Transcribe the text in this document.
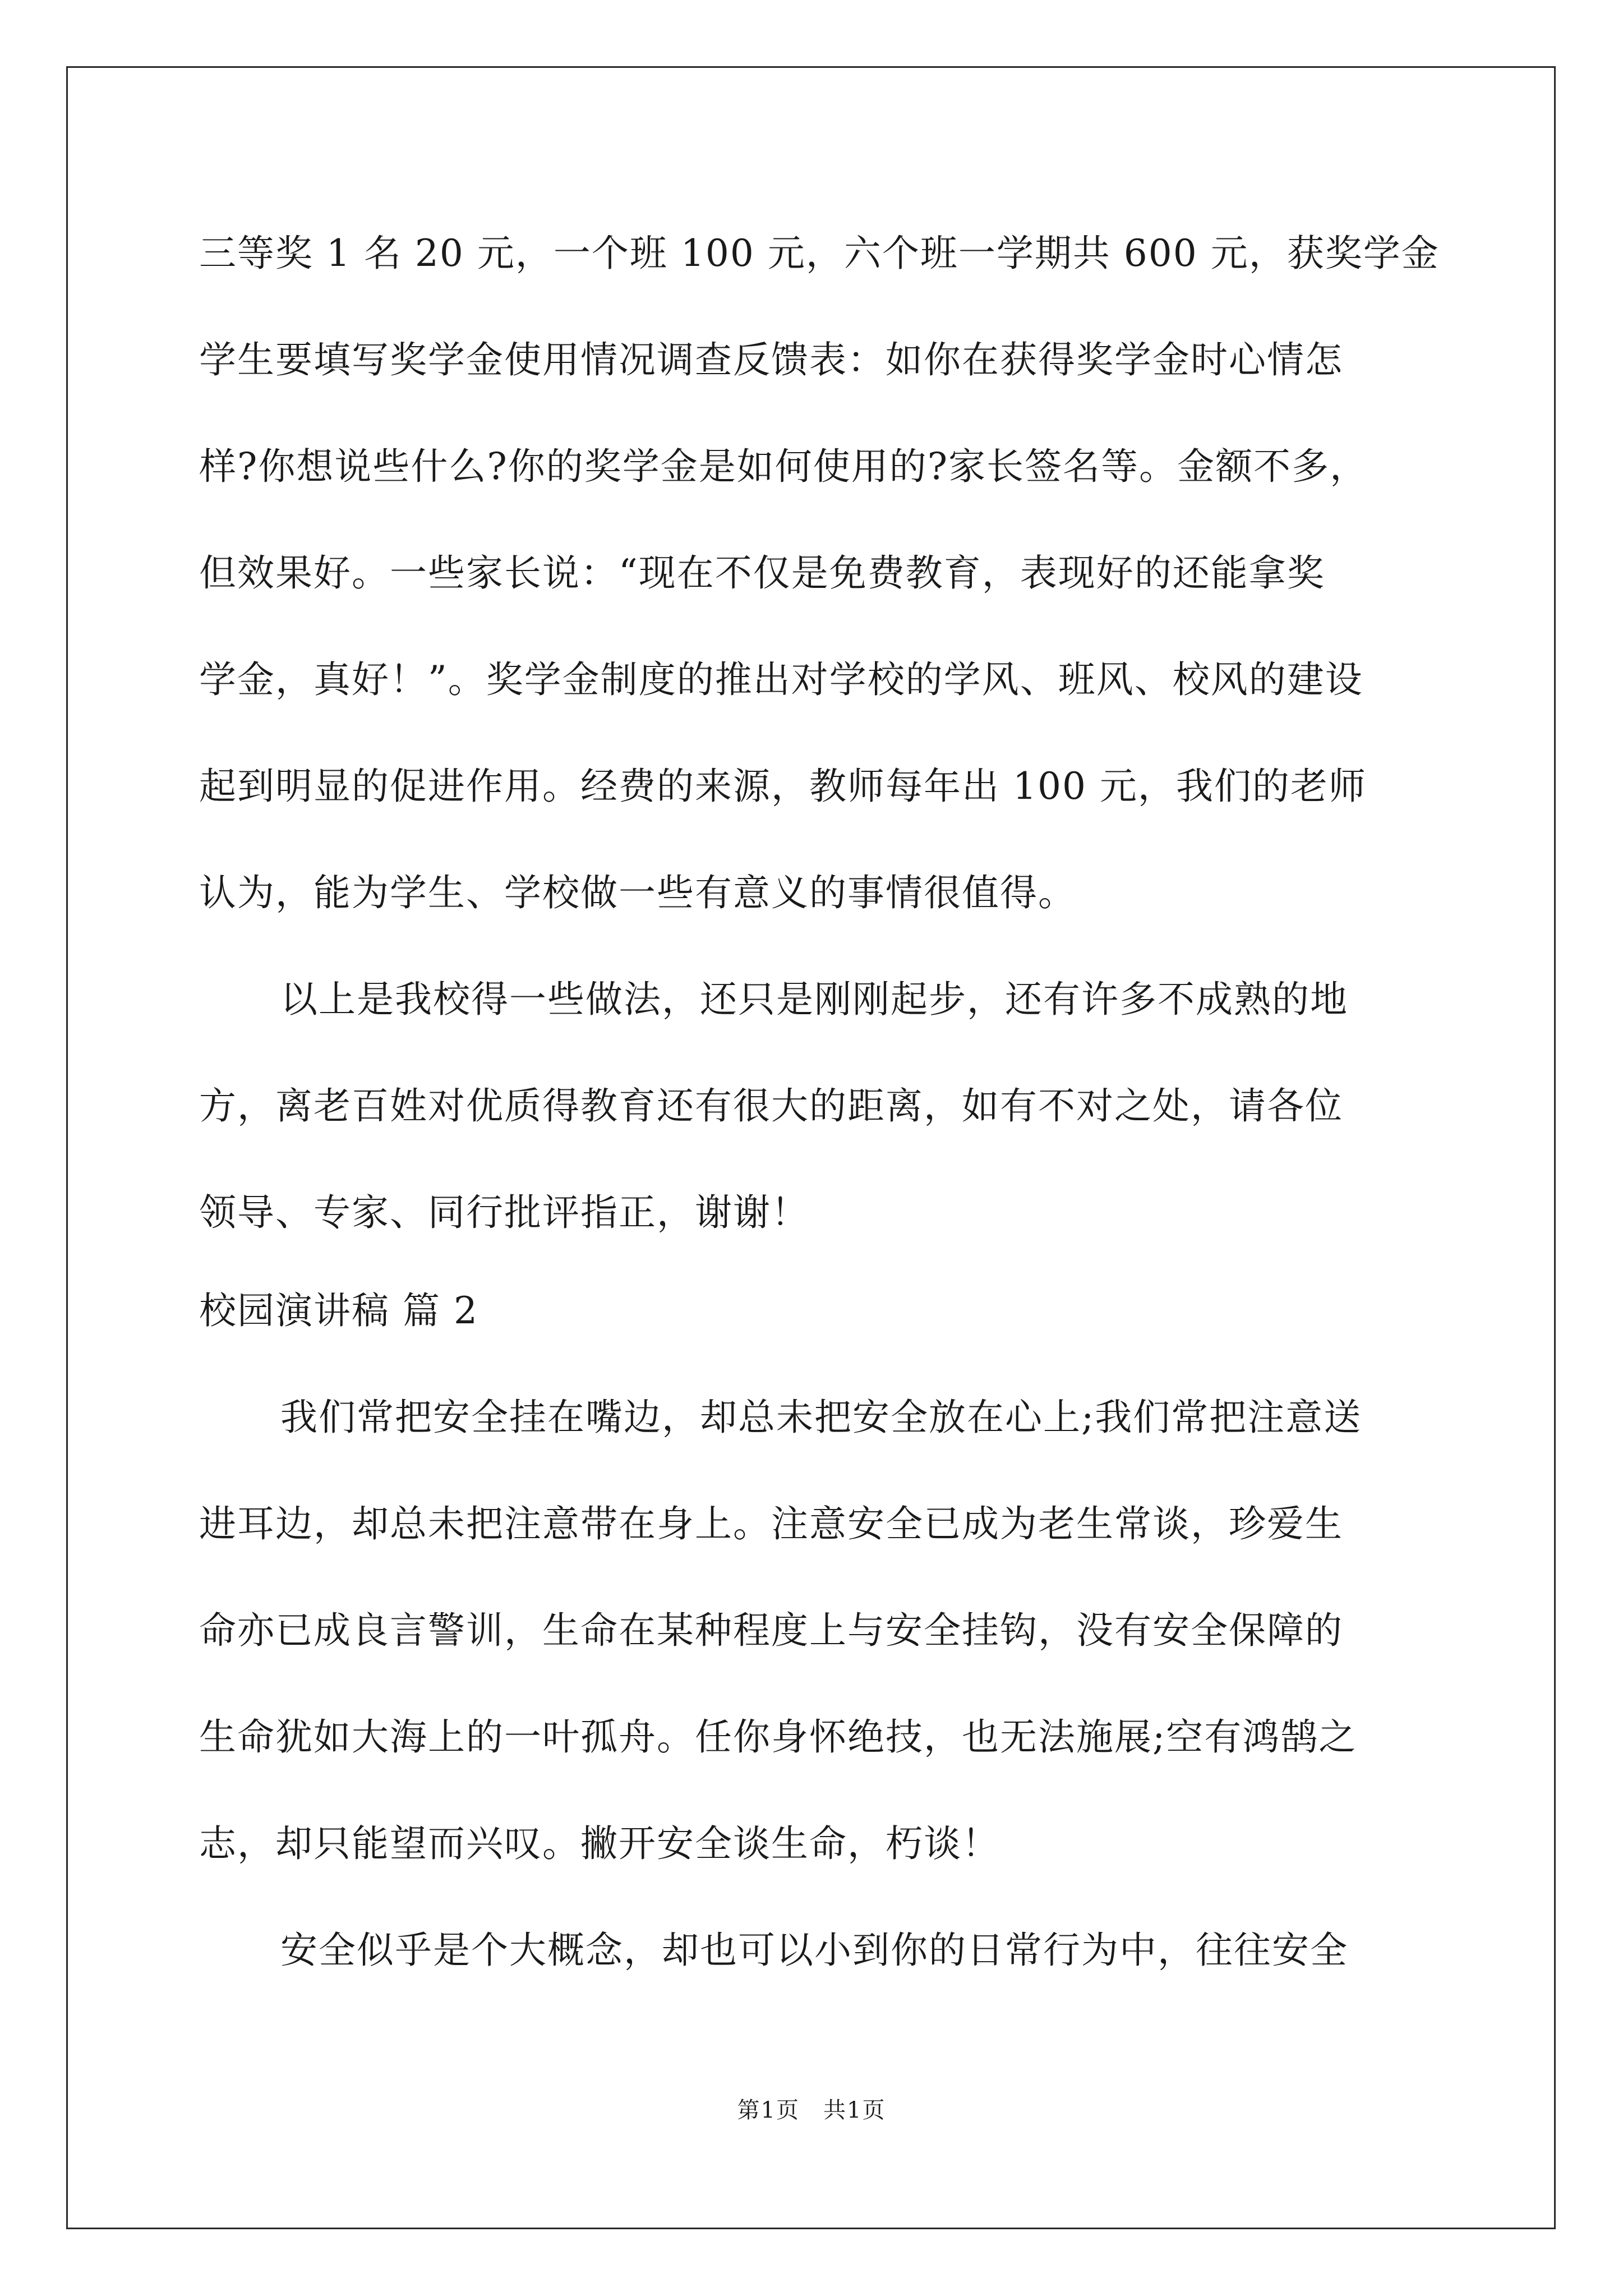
三等奖 1 名 20 元，一个班 100 元，六个班一学期共 600 元，获奖学金
学生要填写奖学金使用情况调查反馈表：如你在获得奖学金时心情怎
样?你想说些什么?你的奖学金是如何使用的?家长签名等。金额不多，
但效果好。一些家长说：“现在不仅是免费教育，表现好的还能拿奖
学金，真好！”。奖学金制度的推出对学校的学风、班风、校风的建设
起到明显的促进作用。经费的来源，教师每年出 100 元，我们的老师
认为，能为学生、学校做一些有意义的事情很值得。
以上是我校得一些做法，还只是刚刚起步，还有许多不成熟的地
方，离老百姓对优质得教育还有很大的距离，如有不对之处，请各位
领导、专家、同行批评指正，谢谢！
校园演讲稿 篇 2
我们常把安全挂在嘴边，却总未把安全放在心上;我们常把注意送
进耳边，却总未把注意带在身上。注意安全已成为老生常谈，珍爱生
命亦已成良言警训，生命在某种程度上与安全挂钩，没有安全保障的
生命犹如大海上的一叶孤舟。任你身怀绝技，也无法施展;空有鸿鹄之
志，却只能望而兴叹。撇开安全谈生命，朽谈！
安全似乎是个大概念，却也可以小到你的日常行为中，往往安全
第1页　共1页
